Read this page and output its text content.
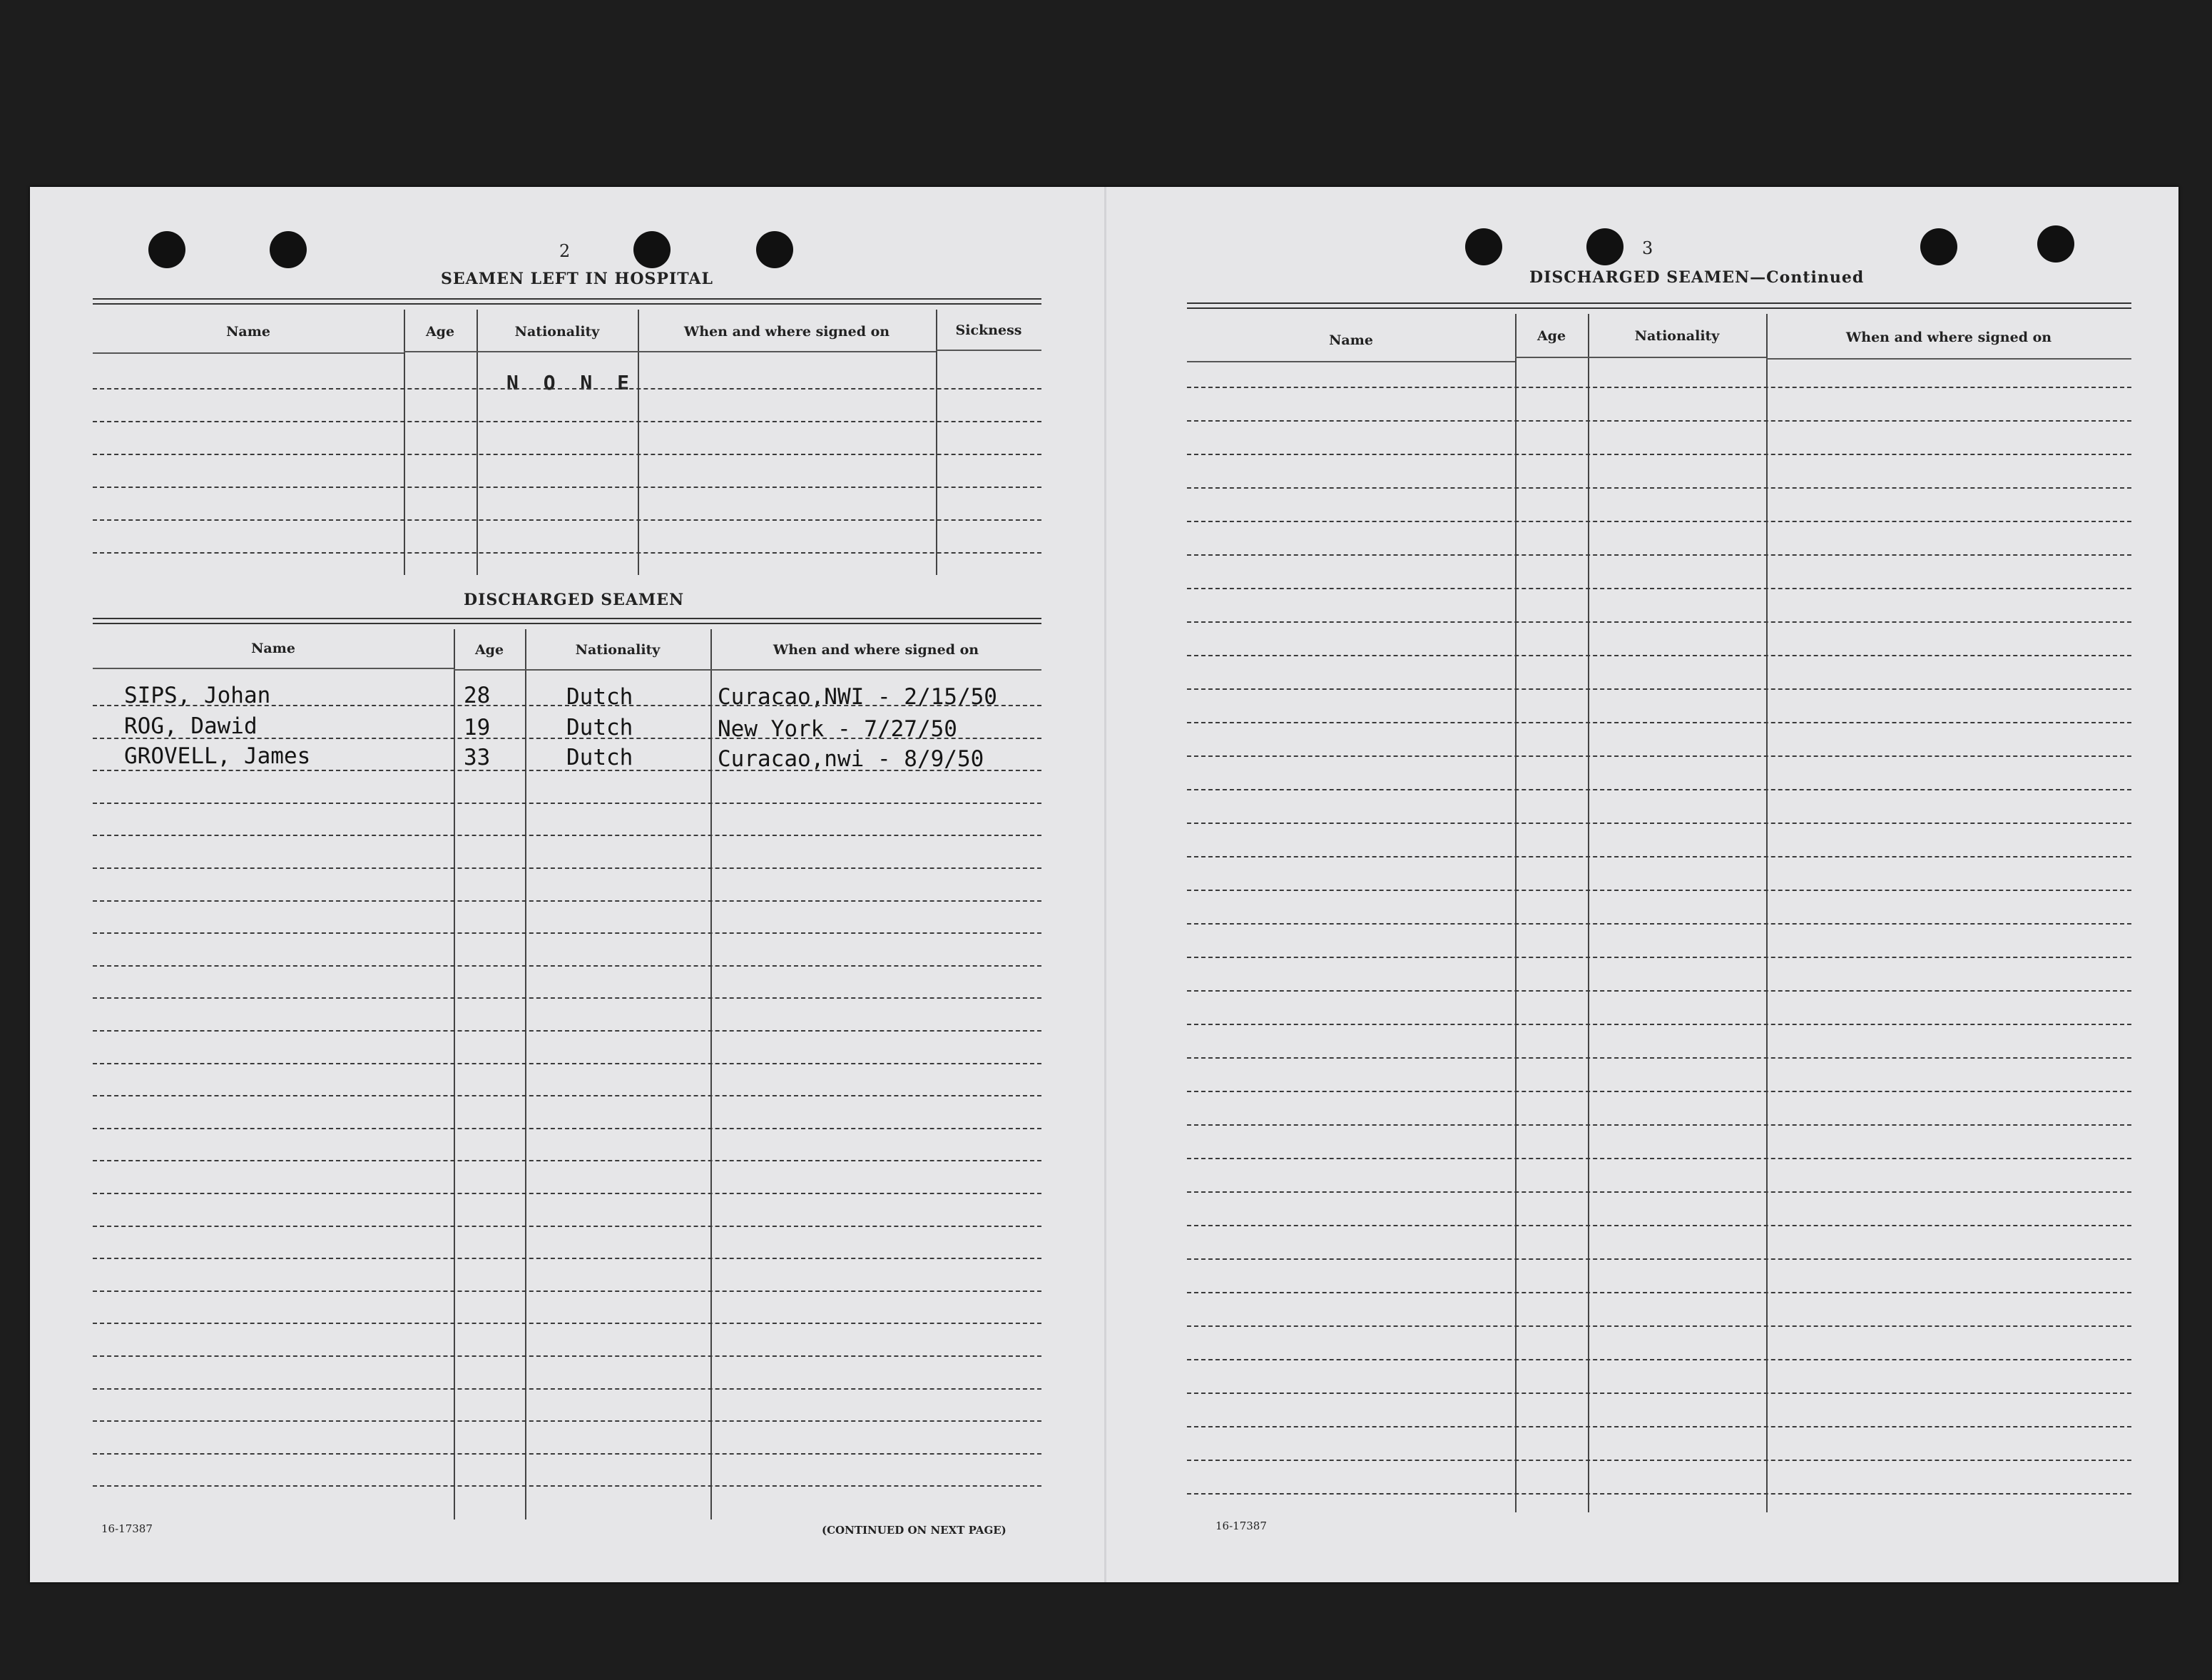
2
SEAMEN LEFT IN HOSPITAL
Name	Age	Nationality	When and where signed on	Sickness
N O N E
DISCHARGED SEAMEN
Name	Age	Nationality	When and where signed on
SIPS, Johan	28	Dutch	Curacao,NWI - 2/15/50
ROG, Dawid	19	Dutch	New York - 7/27/50
GROVELL, James	33	Dutch	Curacao,nwi - 8/9/50
16-17387	(CONTINUED ON NEXT PAGE)
3
DISCHARGED SEAMEN—Continued
Name	Age	Nationality	When and where signed on
16-17387
